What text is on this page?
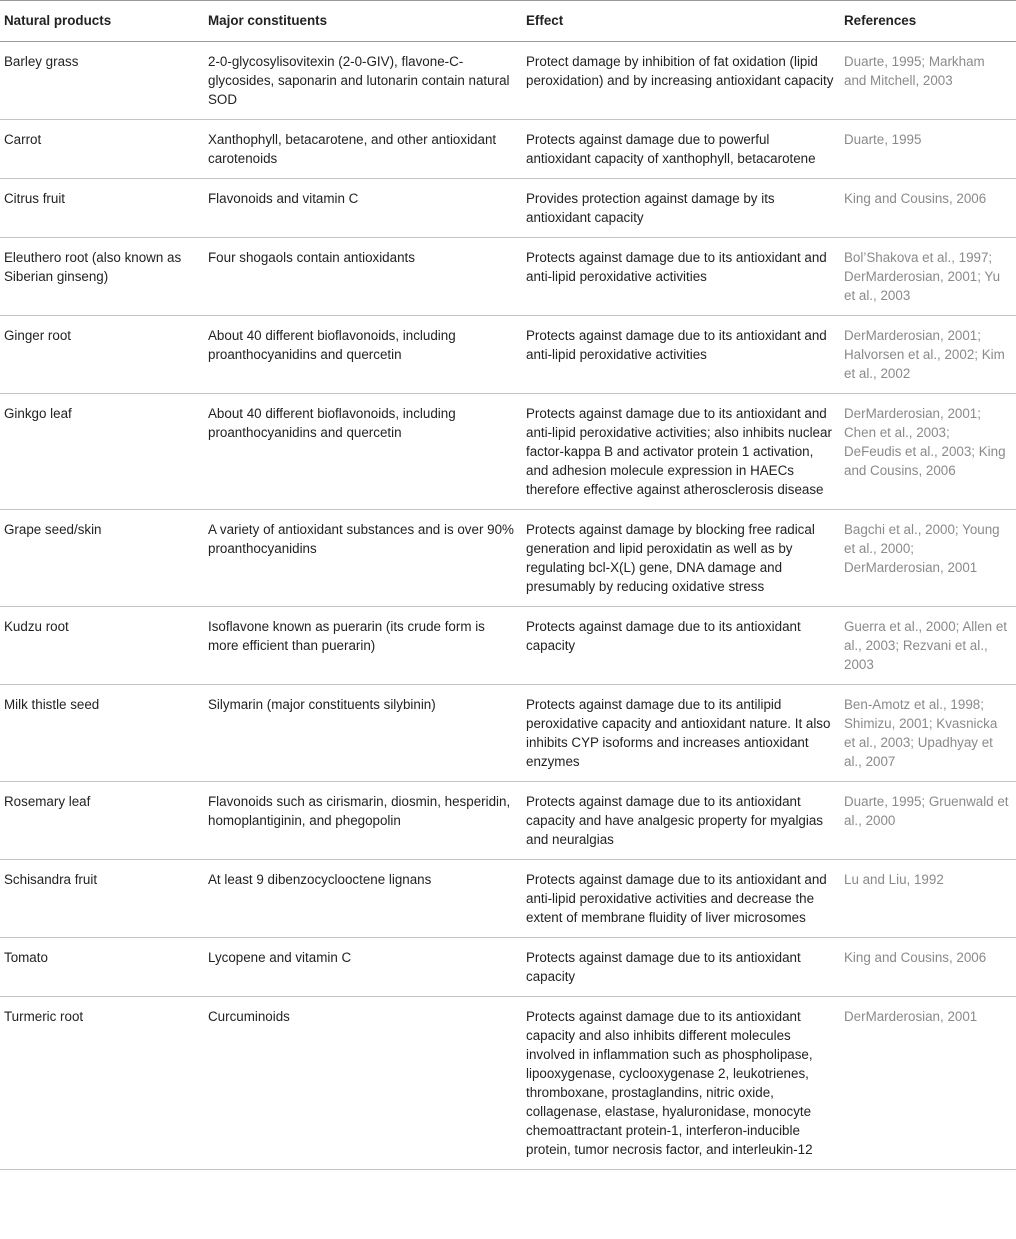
Natural products	Major constituents	Effect	References
Barley grass	2-0-glycosylisovitexin (2-0-GIV), flavone-C-glycosides, saponarin and lutonarin contain natural SOD	Protect damage by inhibition of fat oxidation (lipid peroxidation) and by increasing antioxidant capacity	Duarte, 1995; Markham and Mitchell, 2003
Carrot	Xanthophyll, betacarotene, and other antioxidant carotenoids	Protects against damage due to powerful antioxidant capacity of xanthophyll, betacarotene	Duarte, 1995
Citrus fruit	Flavonoids and vitamin C	Provides protection against damage by its antioxidant capacity	King and Cousins, 2006
Eleuthero root (also known as Siberian ginseng)	Four shogaols contain antioxidants	Protects against damage due to its antioxidant and anti-lipid peroxidative activities	Bol’Shakova et al., 1997; DerMarderosian, 2001; Yu et al., 2003
Ginger root	About 40 different bioflavonoids, including proanthocyanidins and quercetin	Protects against damage due to its antioxidant and anti-lipid peroxidative activities	DerMarderosian, 2001; Halvorsen et al., 2002; Kim et al., 2002
Ginkgo leaf	About 40 different bioflavonoids, including proanthocyanidins and quercetin	Protects against damage due to its antioxidant and anti-lipid peroxidative activities; also inhibits nuclear factor-kappa B and activator protein 1 activation, and adhesion molecule expression in HAECs therefore effective against atherosclerosis disease	DerMarderosian, 2001; Chen et al., 2003; DeFeudis et al., 2003; King and Cousins, 2006
Grape seed/skin	A variety of antioxidant substances and is over 90% proanthocyanidins	Protects against damage by blocking free radical generation and lipid peroxidatin as well as by regulating bcl-X(L) gene, DNA damage and presumably by reducing oxidative stress	Bagchi et al., 2000; Young et al., 2000; DerMarderosian, 2001
Kudzu root	Isoflavone known as puerarin (its crude form is more efficient than puerarin)	Protects against damage due to its antioxidant capacity	Guerra et al., 2000; Allen et al., 2003; Rezvani et al., 2003
Milk thistle seed	Silymarin (major constituents silybinin)	Protects against damage due to its antilipid peroxidative capacity and antioxidant nature. It also inhibits CYP isoforms and increases antioxidant enzymes	Ben-Amotz et al., 1998; Shimizu, 2001; Kvasnicka et al., 2003; Upadhyay et al., 2007
Rosemary leaf	Flavonoids such as cirismarin, diosmin, hesperidin, homoplantiginin, and phegopolin	Protects against damage due to its antioxidant capacity and have analgesic property for myalgias and neuralgias	Duarte, 1995; Gruenwald et al., 2000
Schisandra fruit	At least 9 dibenzocyclooctene lignans	Protects against damage due to its antioxidant and anti-lipid peroxidative activities and decrease the extent of membrane fluidity of liver microsomes	Lu and Liu, 1992
Tomato	Lycopene and vitamin C	Protects against damage due to its antioxidant capacity	King and Cousins, 2006
Turmeric root	Curcuminoids	Protects against damage due to its antioxidant capacity and also inhibits different molecules involved in inflammation such as phospholipase, lipooxygenase, cyclooxygenase 2, leukotrienes, thromboxane, prostaglandins, nitric oxide, collagenase, elastase, hyaluronidase, monocyte chemoattractant protein-1, interferon-inducible protein, tumor necrosis factor, and interleukin-12	DerMarderosian, 2001
